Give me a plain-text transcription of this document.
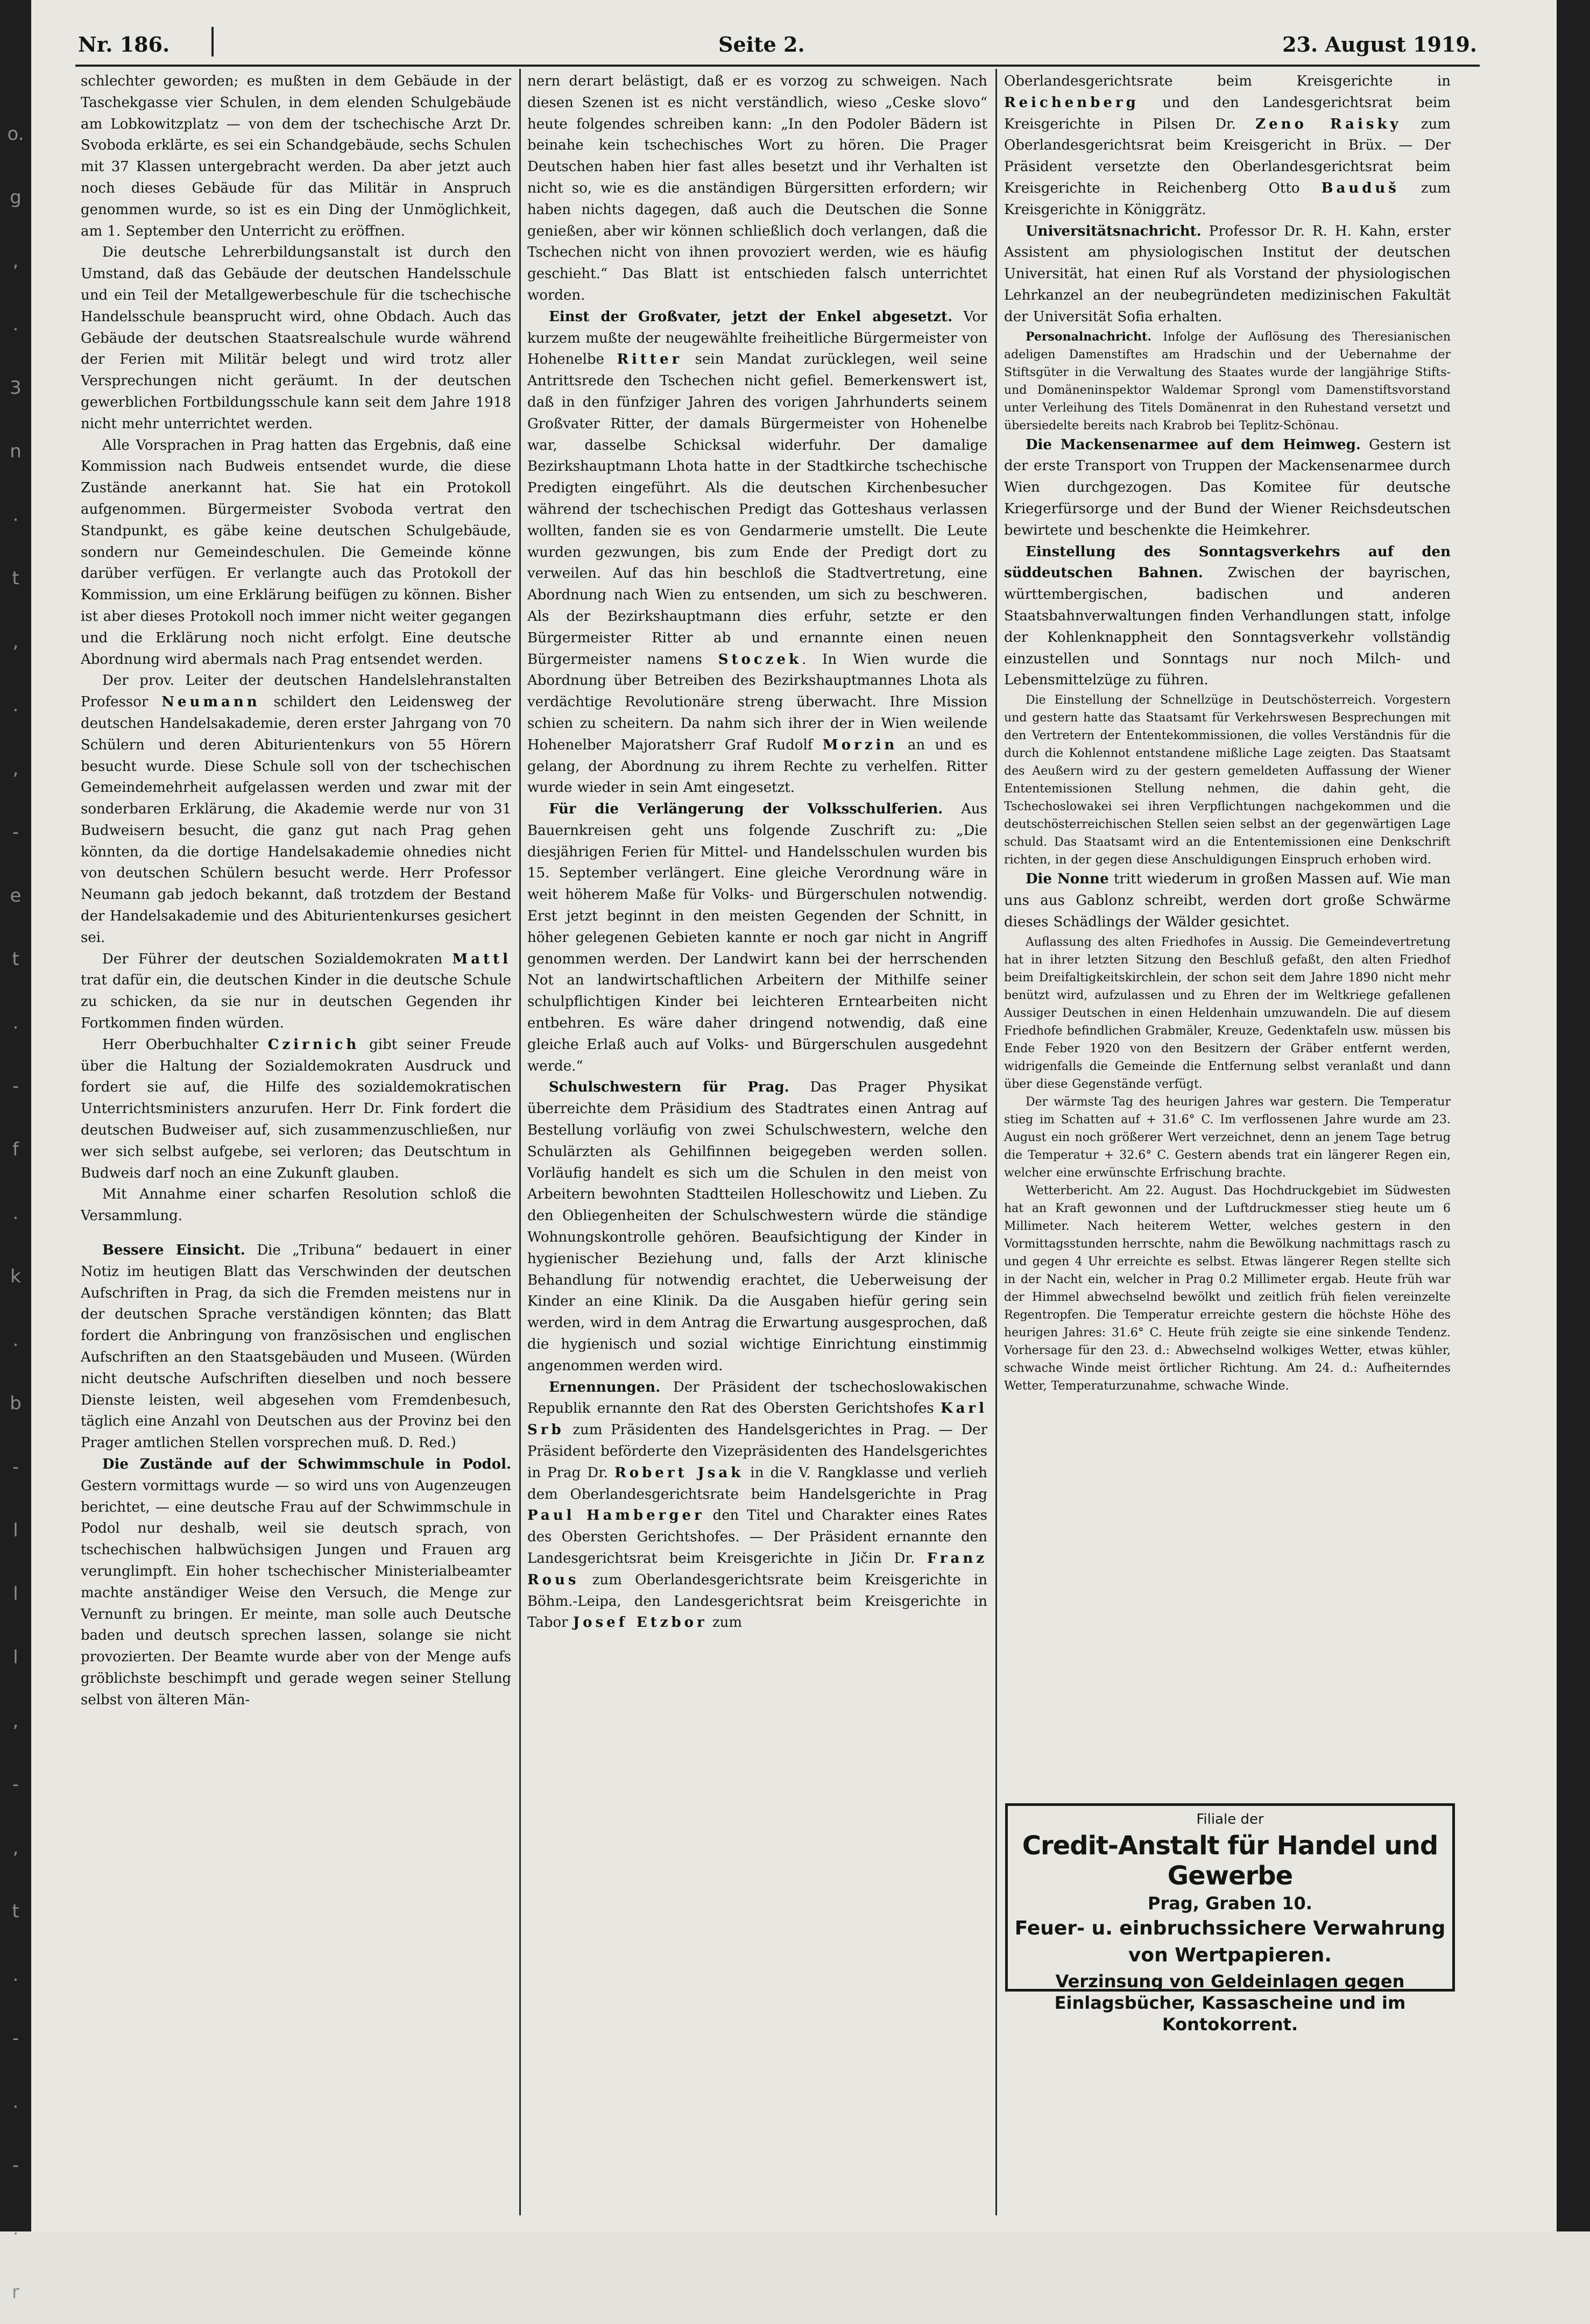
o.
g
,
.
3
n
.
t
,
.
,
-
e
t
.
-
f
.
k
.
b
-
l
l
l
,
-
,
t
.
-
.
-
.
r
Nr. 186.	Seite 2.	23. August 1919.

schlechter geworden; es mußten in dem Gebäude in der Taschekgasse vier Schulen, in dem elenden Schulgebäude am Lobkowitzplatz — von dem der tschechische Arzt Dr. Svoboda erklärte, es sei ein Schandgebäude, sechs Schulen mit 37 Klassen untergebracht werden. Da aber jetzt auch noch dieses Gebäude für das Militär in Anspruch genommen wurde, so ist es ein Ding der Unmöglichkeit, am 1. September den Unterricht zu eröffnen.

Die deutsche Lehrerbildungsanstalt ist durch den Umstand, daß das Gebäude der deutschen Handelsschule und ein Teil der Metallgewerbeschule für die tschechische Handelsschule beansprucht wird, ohne Obdach. Auch das Gebäude der deutschen Staatsrealschule wurde während der Ferien mit Militär belegt und wird trotz aller Versprechungen nicht geräumt. In der deutschen gewerblichen Fortbildungsschule kann seit dem Jahre 1918 nicht mehr unterrichtet werden.

Alle Vorsprachen in Prag hatten das Ergebnis, daß eine Kommission nach Budweis entsendet wurde, die diese Zustände anerkannt hat. Sie hat ein Protokoll aufgenommen. Bürgermeister Svoboda vertrat den Standpunkt, es gäbe keine deutschen Schulgebäude, sondern nur Gemeindeschulen. Die Gemeinde könne darüber verfügen. Er verlangte auch das Protokoll der Kommission, um eine Erklärung beifügen zu können. Bisher ist aber dieses Protokoll noch immer nicht weiter gegangen und die Erklärung noch nicht erfolgt. Eine deutsche Abordnung wird abermals nach Prag entsendet werden.

Der prov. Leiter der deutschen Handelslehranstalten Professor Neumann schildert den Leidensweg der deutschen Handelsakademie, deren erster Jahrgang von 70 Schülern und deren Abiturientenkurs von 55 Hörern besucht wurde. Diese Schule soll von der tschechischen Gemeindemehrheit aufgelassen werden und zwar mit der sonderbaren Erklärung, die Akademie werde nur von 31 Budweisern besucht, die ganz gut nach Prag gehen könnten, da die dortige Handelsakademie ohnedies nicht von deutschen Schülern besucht werde. Herr Professor Neumann gab jedoch bekannt, daß trotzdem der Bestand der Handelsakademie und des Abiturientenkurses gesichert sei.

Der Führer der deutschen Sozialdemokraten Mattl trat dafür ein, die deutschen Kinder in die deutsche Schule zu schicken, da sie nur in deutschen Gegenden ihr Fortkommen finden würden.

Herr Oberbuchhalter Czirnich gibt seiner Freude über die Haltung der Sozialdemokraten Ausdruck und fordert sie auf, die Hilfe des sozialdemokratischen Unterrichtsministers anzurufen. Herr Dr. Fink fordert die deutschen Budweiser auf, sich zusammenzuschließen, nur wer sich selbst aufgebe, sei verloren; das Deutschtum in Budweis darf noch an eine Zukunft glauben.

Mit Annahme einer scharfen Resolution schloß die Versammlung.

Bessere Einsicht. Die „Tribuna“ bedauert in einer Notiz im heutigen Blatt das Verschwinden der deutschen Aufschriften in Prag, da sich die Fremden meistens nur in der deutschen Sprache verständigen könnten; das Blatt fordert die Anbringung von französischen und englischen Aufschriften an den Staatsgebäuden und Museen. (Würden nicht deutsche Aufschriften dieselben und noch bessere Dienste leisten, weil abgesehen vom Fremdenbesuch, täglich eine Anzahl von Deutschen aus der Provinz bei den Prager amtlichen Stellen vorsprechen muß. D. Red.)

Die Zustände auf der Schwimmschule in Podol. Gestern vormittags wurde — so wird uns von Augenzeugen berichtet, — eine deutsche Frau auf der Schwimmschule in Podol nur deshalb, weil sie deutsch sprach, von tschechischen halbwüchsigen Jungen und Frauen arg verunglimpft. Ein hoher tschechischer Ministerialbeamter machte anständiger Weise den Versuch, die Menge zur Vernunft zu bringen. Er meinte, man solle auch Deutsche baden und deutsch sprechen lassen, solange sie nicht provozierten. Der Beamte wurde aber von der Menge aufs gröblichste beschimpft und gerade wegen seiner Stellung selbst von älteren Män-

nern derart belästigt, daß er es vorzog zu schweigen. Nach diesen Szenen ist es nicht verständlich, wieso „Ceske slovo“ heute folgendes schreiben kann: „In den Podoler Bädern ist beinahe kein tschechisches Wort zu hören. Die Prager Deutschen haben hier fast alles besetzt und ihr Verhalten ist nicht so, wie es die anständigen Bürgersitten erfordern; wir haben nichts dagegen, daß auch die Deutschen die Sonne genießen, aber wir können schließlich doch verlangen, daß die Tschechen nicht von ihnen provoziert werden, wie es häufig geschieht.“ Das Blatt ist entschieden falsch unterrichtet worden.

Einst der Großvater, jetzt der Enkel abgesetzt. Vor kurzem mußte der neugewählte freiheitliche Bürgermeister von Hohenelbe Ritter sein Mandat zurücklegen, weil seine Antrittsrede den Tschechen nicht gefiel. Bemerkenswert ist, daß in den fünfziger Jahren des vorigen Jahrhunderts seinem Großvater Ritter, der damals Bürgermeister von Hohenelbe war, dasselbe Schicksal widerfuhr. Der damalige Bezirkshauptmann Lhota hatte in der Stadtkirche tschechische Predigten eingeführt. Als die deutschen Kirchenbesucher während der tschechischen Predigt das Gotteshaus verlassen wollten, fanden sie es von Gendarmerie umstellt. Die Leute wurden gezwungen, bis zum Ende der Predigt dort zu verweilen. Auf das hin beschloß die Stadtvertretung, eine Abordnung nach Wien zu entsenden, um sich zu beschweren. Als der Bezirkshauptmann dies erfuhr, setzte er den Bürgermeister Ritter ab und ernannte einen neuen Bürgermeister namens Stoczek. In Wien wurde die Abordnung über Betreiben des Bezirkshauptmannes Lhota als verdächtige Revolutionäre streng überwacht. Ihre Mission schien zu scheitern. Da nahm sich ihrer der in Wien weilende Hohenelber Majoratsherr Graf Rudolf Morzin an und es gelang, der Abordnung zu ihrem Rechte zu verhelfen. Ritter wurde wieder in sein Amt eingesetzt.

Für die Verlängerung der Volksschulferien. Aus Bauernkreisen geht uns folgende Zuschrift zu: „Die diesjährigen Ferien für Mittel- und Handelsschulen wurden bis 15. September verlängert. Eine gleiche Verordnung wäre in weit höherem Maße für Volks- und Bürgerschulen notwendig. Erst jetzt beginnt in den meisten Gegenden der Schnitt, in höher gelegenen Gebieten kannte er noch gar nicht in Angriff genommen werden. Der Landwirt kann bei der herrschenden Not an landwirtschaftlichen Arbeitern der Mithilfe seiner schulpflichtigen Kinder bei leichteren Erntearbeiten nicht entbehren. Es wäre daher dringend notwendig, daß eine gleiche Erlaß auch auf Volks- und Bürgerschulen ausgedehnt werde.“

Schulschwestern für Prag. Das Prager Physikat überreichte dem Präsidium des Stadtrates einen Antrag auf Bestellung vorläufig von zwei Schulschwestern, welche den Schulärzten als Gehilfinnen beigegeben werden sollen. Vorläufig handelt es sich um die Schulen in den meist von Arbeitern bewohnten Stadtteilen Holleschowitz und Lieben. Zu den Obliegenheiten der Schulschwestern würde die ständige Wohnungskontrolle gehören. Beaufsichtigung der Kinder in hygienischer Beziehung und, falls der Arzt klinische Behandlung für notwendig erachtet, die Ueberweisung der Kinder an eine Klinik. Da die Ausgaben hiefür gering sein werden, wird in dem Antrag die Erwartung ausgesprochen, daß die hygienisch und sozial wichtige Einrichtung einstimmig angenommen werden wird.

Ernennungen. Der Präsident der tschechoslowakischen Republik ernannte den Rat des Obersten Gerichtshofes Karl Srb zum Präsidenten des Handelsgerichtes in Prag. — Der Präsident beförderte den Vizepräsidenten des Handelsgerichtes in Prag Dr. Robert Jsak in die V. Rangklasse und verlieh dem Oberlandesgerichtsrate beim Handelsgerichte in Prag Paul Hamberger den Titel und Charakter eines Rates des Obersten Gerichtshofes. — Der Präsident ernannte den Landesgerichtsrat beim Kreisgerichte in Jičin Dr. Franz Rous zum Oberlandesgerichtsrate beim Kreisgerichte in Böhm.-Leipa, den Landesgerichtsrat beim Kreisgerichte in Tabor Josef Etzbor zum

Oberlandesgerichtsrate beim Kreisgerichte in Reichenberg und den Landesgerichtsrat beim Kreisgerichte in Pilsen Dr. Zeno Raisky zum Oberlandesgerichtsrat beim Kreisgericht in Brüx. — Der Präsident versetzte den Oberlandesgerichtsrat beim Kreisgerichte in Reichenberg Otto Bauduš zum Kreisgerichte in Königgrätz.

Universitätsnachricht. Professor Dr. R. H. Kahn, erster Assistent am physiologischen Institut der deutschen Universität, hat einen Ruf als Vorstand der physiologischen Lehrkanzel an der neubegründeten medizinischen Fakultät der Universität Sofia erhalten.

Personalnachricht. Infolge der Auflösung des Theresianischen adeligen Damenstiftes am Hradschin und der Uebernahme der Stiftsgüter in die Verwaltung des Staates wurde der langjährige Stifts- und Domäneninspektor Waldemar Sprongl vom Damenstiftsvorstand unter Verleihung des Titels Domänenrat in den Ruhestand versetzt und übersiedelte bereits nach Krabrob bei Teplitz-Schönau.

Die Mackensenarmee auf dem Heimweg. Gestern ist der erste Transport von Truppen der Mackensenarmee durch Wien durchgezogen. Das Komitee für deutsche Kriegerfürsorge und der Bund der Wiener Reichsdeutschen bewirtete und beschenkte die Heimkehrer.

Einstellung des Sonntagsverkehrs auf den süddeutschen Bahnen. Zwischen der bayrischen, württembergischen, badischen und anderen Staatsbahnverwaltungen finden Verhandlungen statt, infolge der Kohlenknappheit den Sonntagsverkehr vollständig einzustellen und Sonntags nur noch Milch- und Lebensmittelzüge zu führen.

Die Einstellung der Schnellzüge in Deutschösterreich. Vorgestern und gestern hatte das Staatsamt für Verkehrswesen Besprechungen mit den Vertretern der Ententekommissionen, die volles Verständnis für die durch die Kohlennot entstandene mißliche Lage zeigten. Das Staatsamt des Aeußern wird zu der gestern gemeldeten Auffassung der Wiener Ententemissionen Stellung nehmen, die dahin geht, die Tschechoslowakei sei ihren Verpflichtungen nachgekommen und die deutschösterreichischen Stellen seien selbst an der gegenwärtigen Lage schuld. Das Staatsamt wird an die Ententemissionen eine Denkschrift richten, in der gegen diese Anschuldigungen Einspruch erhoben wird.

Die Nonne tritt wiederum in großen Massen auf. Wie man uns aus Gablonz schreibt, werden dort große Schwärme dieses Schädlings der Wälder gesichtet.

Auflassung des alten Friedhofes in Aussig. Die Gemeindevertretung hat in ihrer letzten Sitzung den Beschluß gefaßt, den alten Friedhof beim Dreifaltigkeitskirchlein, der schon seit dem Jahre 1890 nicht mehr benützt wird, aufzulassen und zu Ehren der im Weltkriege gefallenen Aussiger Deutschen in einen Heldenhain umzuwandeln. Die auf diesem Friedhofe befindlichen Grabmäler, Kreuze, Gedenktafeln usw. müssen bis Ende Feber 1920 von den Besitzern der Gräber entfernt werden, widrigenfalls die Gemeinde die Entfernung selbst veranlaßt und dann über diese Gegenstände verfügt.

Der wärmste Tag des heurigen Jahres war gestern. Die Temperatur stieg im Schatten auf + 31.6° C. Im verflossenen Jahre wurde am 23. August ein noch größerer Wert verzeichnet, denn an jenem Tage betrug die Temperatur + 32.6° C. Gestern abends trat ein längerer Regen ein, welcher eine erwünschte Erfrischung brachte.

Wetterbericht. Am 22. August. Das Hochdruckgebiet im Südwesten hat an Kraft gewonnen und der Luftdruckmesser stieg heute um 6 Millimeter. Nach heiterem Wetter, welches gestern in den Vormittagsstunden herrschte, nahm die Bewölkung nachmittags rasch zu und gegen 4 Uhr erreichte es selbst. Etwas längerer Regen stellte sich in der Nacht ein, welcher in Prag 0.2 Millimeter ergab. Heute früh war der Himmel abwechselnd bewölkt und zeitlich früh fielen vereinzelte Regentropfen. Die Temperatur erreichte gestern die höchste Höhe des heurigen Jahres: 31.6° C. Heute früh zeigte sie eine sinkende Tendenz. Vorhersage für den 23. d.: Abwechselnd wolkiges Wetter, etwas kühler, schwache Winde meist örtlicher Richtung. Am 24. d.: Aufheiterndes Wetter, Temperaturzunahme, schwache Winde.

Filiale der
Credit-Anstalt für Handel und Gewerbe
Prag, Graben 10.
Feuer- u. einbruchssichere Verwahrung
von Wertpapieren.
Verzinsung von Geldeinlagen gegen Einlagsbücher, Kassascheine und im Kontokorrent.
